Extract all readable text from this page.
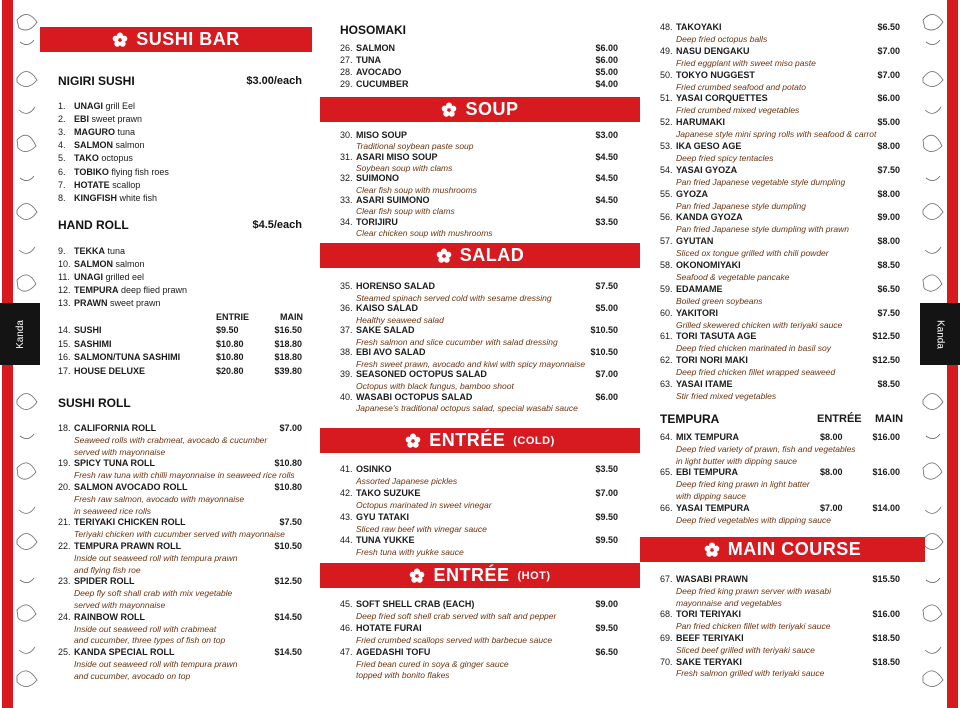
Kanda	Kanda
SUSHI BAR
NIGIRI SUSHI	$3.00/each
1. UNAGI grill Eel
2. EBI sweet prawn
3. MAGURO tuna
4. SALMON salmon
5. TAKO octopus
6. TOBIKO flying fish roes
7. HOTATE scallop
8. KINGFISH white fish
HAND ROLL	$4.5/each
9. TEKKA tuna
10. SALMON salmon
11. UNAGI grilled eel
12. TEMPURA deep flied prawn
13. PRAWN sweet prawn
ENTRIE	MAIN
14. SUSHI	$9.50	$16.50
15. SASHIMI	$10.80	$18.80
16. SALMON/TUNA SASHIMI	$10.80	$18.80
17. HOUSE DELUXE	$20.80	$39.80
SUSHI ROLL
18. CALIFORNIA ROLL	$7.00
Seaweed rolls with crabmeat, avocado & cucumber
served with mayonnaise
19. SPICY TUNA ROLL	$10.80
Fresh raw tuna with chilli mayonnaise in seaweed rice rolls
20. SALMON AVOCADO ROLL	$10.80
Fresh raw salmon, avocado with mayonnaise
in seaweed rice rolls
21. TERIYAKI CHICKEN ROLL	$7.50
Teriyaki chicken with cucumber served with mayonnaise
22. TEMPURA PRAWN ROLL	$10.50
Inside out seaweed roll with tempura prawn
and flying fish roe
23. SPIDER ROLL	$12.50
Deep fly soft shall crab with mix vegetable
served with mayonnaise
24. RAINBOW ROLL	$14.50
Inside out seaweed roll with crabmeat
and cucumber, three types of fish on top
25. KANDA SPECIAL ROLL	$14.50
Inside out seaweed roll with tempura prawn
and cucumber, avocado on top
HOSOMAKI
26. SALMON	$6.00
27. TUNA	$6.00
28. AVOCADO	$5.00
29. CUCUMBER	$4.00
SOUP
30. MISO SOUP	$3.00
Traditional soybean paste soup
31. ASARI MISO SOUP	$4.50
Soybean soup with clams
32. SUIMONO	$4.50
Clear fish soup with mushrooms
33. ASARI SUIMONO	$4.50
Clear fish soup with clams
34. TORIJIRU	$3.50
Clear chicken soup with mushrooms
SALAD
35. HORENSO SALAD	$7.50
Steamed spinach served cold with sesame dressing
36. KAISO SALAD	$5.00
Healthy seaweed salad
37. SAKE SALAD	$10.50
Fresh salmon and slice cucumber with salad dressing
38. EBI AVO SALAD	$10.50
Fresh sweet prawn, avocado and kiwi with spicy mayonnaise
39. SEASONED OCTOPUS SALAD	$7.00
Octopus with black fungus, bamboo shoot
40. WASABI OCTOPUS SALAD	$6.00
Japanese's traditional octopus salad, special wasabi sauce
ENTRÉE (COLD)
41. OSINKO	$3.50
Assorted Japanese pickles
42. TAKO SUZUKE	$7.00
Octopus marinated in sweet vinegar
43. GYU TATAKI	$9.50
Sliced raw beef with vinegar sauce
44. TUNA YUKKE	$9.50
Fresh tuna with yukke sauce
ENTRÉE (HOT)
45. SOFT SHELL CRAB (EACH)	$9.00
Deep fried soft shell crab served with salt and pepper
46. HOTATE FURAI	$9.50
Fried crumbed scallops served with barbecue sauce
47. AGEDASHI TOFU	$6.50
Fried bean cured in soya & ginger sauce
topped with bonito flakes
48. TAKOYAKI	$6.50
Deep fried octopus balls
49. NASU DENGAKU	$7.00
Fried eggplant with sweet miso paste
50. TOKYO NUGGEST	$7.00
Fried crumbed seafood and potato
51. YASAI CORQUETTES	$6.00
Fried crumbed mixed vegetables
52. HARUMAKI	$5.00
Japanese style mini spring rolls with seafood & carrot
53. IKA GESO AGE	$8.00
Deep fried spicy tentacles
54. YASAI GYOZA	$7.50
Pan fried Japanese vegetable style dumpling
55. GYOZA	$8.00
Pan fried Japanese style dumpling
56. KANDA GYOZA	$9.00
Pan fried Japanese style dumpling with prawn
57. GYUTAN	$8.00
Sliced ox tongue grilled with chili powder
58. OKONOMIYAKI	$8.50
Seafood & vegetable pancake
59. EDAMAME	$6.50
Boiled green soybeans
60. YAKITORI	$7.50
Grilled skewered chicken with teriyaki sauce
61. TORI TASUTA AGE	$12.50
Deep fried chicken marinated in basil soy
62. TORI NORI MAKI	$12.50
Deep fried chicken fillet wrapped seaweed
63. YASAI ITAME	$8.50
Stir fried mixed vegetables
TEMPURA	ENTRÉE MAIN
64. MIX TEMPURA	$8.00	$16.00
Deep fried variety of prawn, fish and vegetables
in light butter with dipping sauce
65. EBI TEMPURA	$8.00	$16.00
Deep fried king prawn in light batter
with dipping sauce
66. YASAI TEMPURA	$7.00	$14.00
Deep fried vegetables with dipping sauce
MAIN COURSE
67. WASABI PRAWN	$15.50
Deep fried king prawn server with wasabi
mayonnaise and vegetables
68. TORI TERIYAKI	$16.00
Pan fried chicken fillet with teriyaki sauce
69. BEEF TERIYAKI	$18.50
Sliced beef grilled with teriyaki sauce
70. SAKE TERYAKI	$18.50
Fresh salmon grilled with teriyaki sauce
